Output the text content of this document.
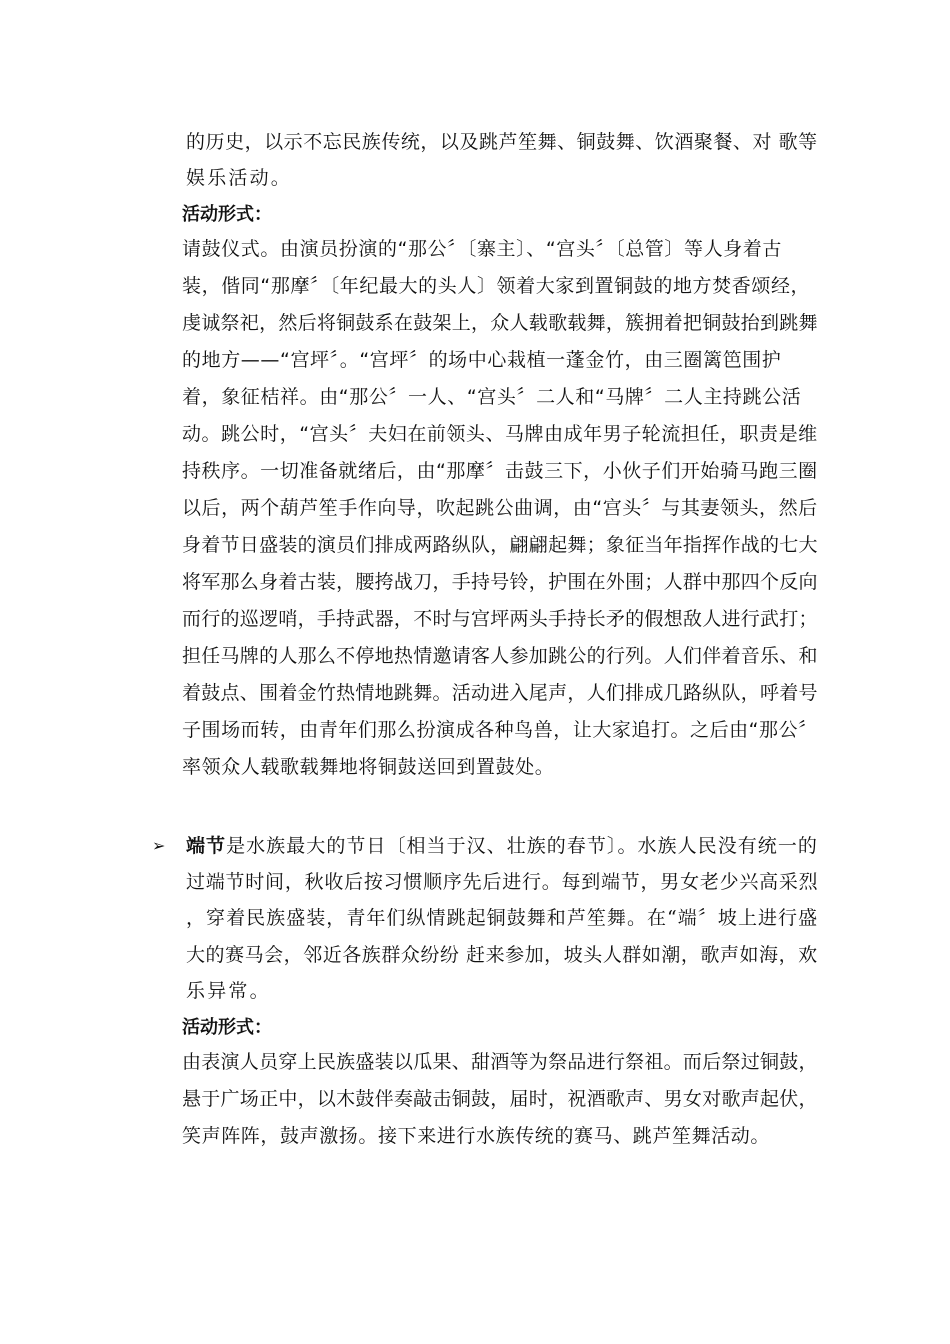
的历史，以示不忘民族传统，以及跳芦笙舞、铜鼓舞、饮酒聚餐、对 歌等
娱乐活动。
活动形式：
请鼓仪式。由演员扮演的“那公〞〔寨主〕、“宫头〞〔总管〕等人身着古
装，偕同“那摩〞〔年纪最大的头人〕领着大家到置铜鼓的地方焚香颂经，
虔诚祭祀，然后将铜鼓系在鼓架上，众人载歌载舞，簇拥着把铜鼓抬到跳舞
的地方——“宫坪〞。“宫坪〞的场中心栽植一蓬金竹，由三圈篱笆围护
着，象征桔祥。由“那公〞一人、“宫头〞二人和“马牌〞二人主持跳公活
动。跳公时，“宫头〞夫妇在前领头、马牌由成年男子轮流担任，职责是维
持秩序。一切准备就绪后，由“那摩〞击鼓三下，小伙子们开始骑马跑三圈
以后，两个葫芦笙手作向导，吹起跳公曲调，由“宫头〞与其妻领头，然后
身着节日盛装的演员们排成两路纵队，翩翩起舞；象征当年指挥作战的七大
将军那么身着古装，腰挎战刀，手持号铃，护围在外围；人群中那四个反向
而行的巡逻哨，手持武器，不时与宫坪两头手持长矛的假想敌人进行武打；
担任马牌的人那么不停地热情邀请客人参加跳公的行列。人们伴着音乐、和
着鼓点、围着金竹热情地跳舞。活动进入尾声，人们排成几路纵队，呼着号
子围场而转，由青年们那么扮演成各种鸟兽，让大家追打。之后由“那公〞
率领众人载歌载舞地将铜鼓送回到置鼓处。
➢ 端节是水族最大的节日〔相当于汉、壮族的春节〕。水族人民没有统一的
过端节时间，秋收后按习惯顺序先后进行。每到端节，男女老少兴高采烈
，穿着民族盛装，青年们纵情跳起铜鼓舞和芦笙舞。在“端〞坡上进行盛
大的赛马会，邻近各族群众纷纷 赶来参加，坡头人群如潮，歌声如海，欢
乐异常。
活动形式：
由表演人员穿上民族盛装以瓜果、甜酒等为祭品进行祭祖。而后祭过铜鼓，
悬于广场正中，以木鼓伴奏敲击铜鼓，届时，祝酒歌声、男女对歌声起伏，
笑声阵阵，鼓声激扬。接下来进行水族传统的赛马、跳芦笙舞活动。
